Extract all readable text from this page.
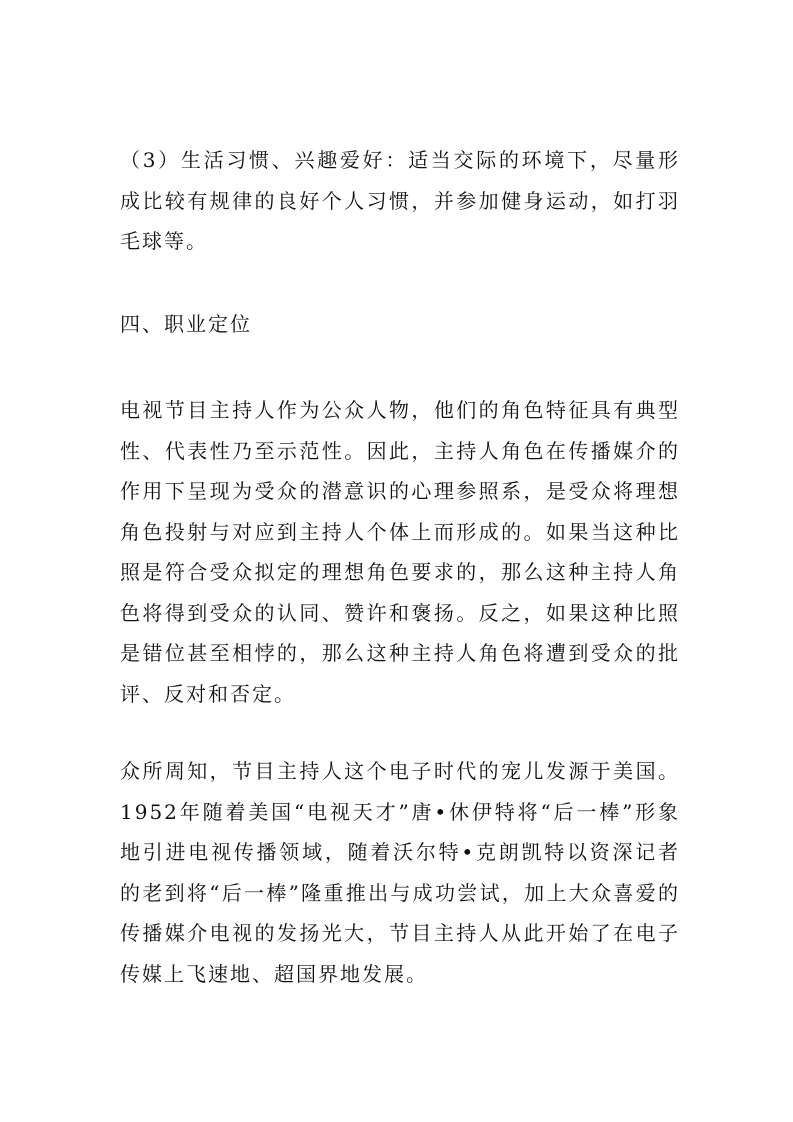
（3）生活习惯、兴趣爱好：适当交际的环境下，尽量形成比较有规律的良好个人习惯，并参加健身运动，如打羽毛球等。

四、职业定位

电视节目主持人作为公众人物，他们的角色特征具有典型性、代表性乃至示范性。因此，主持人角色在传播媒介的作用下呈现为受众的潜意识的心理参照系，是受众将理想角色投射与对应到主持人个体上而形成的。如果当这种比照是符合受众拟定的理想角色要求的，那么这种主持人角色将得到受众的认同、赞许和褒扬。反之，如果这种比照是错位甚至相悖的，那么这种主持人角色将遭到受众的批评、反对和否定。

众所周知，节目主持人这个电子时代的宠儿发源于美国。1952年随着美国“电视天才”唐•休伊特将“后一棒”形象地引进电视传播领域，随着沃尔特•克朗凯特以资深记者的老到将“后一棒”隆重推出与成功尝试，加上大众喜爱的传播媒介电视的发扬光大，节目主持人从此开始了在电子传媒上飞速地、超国界地发展。
